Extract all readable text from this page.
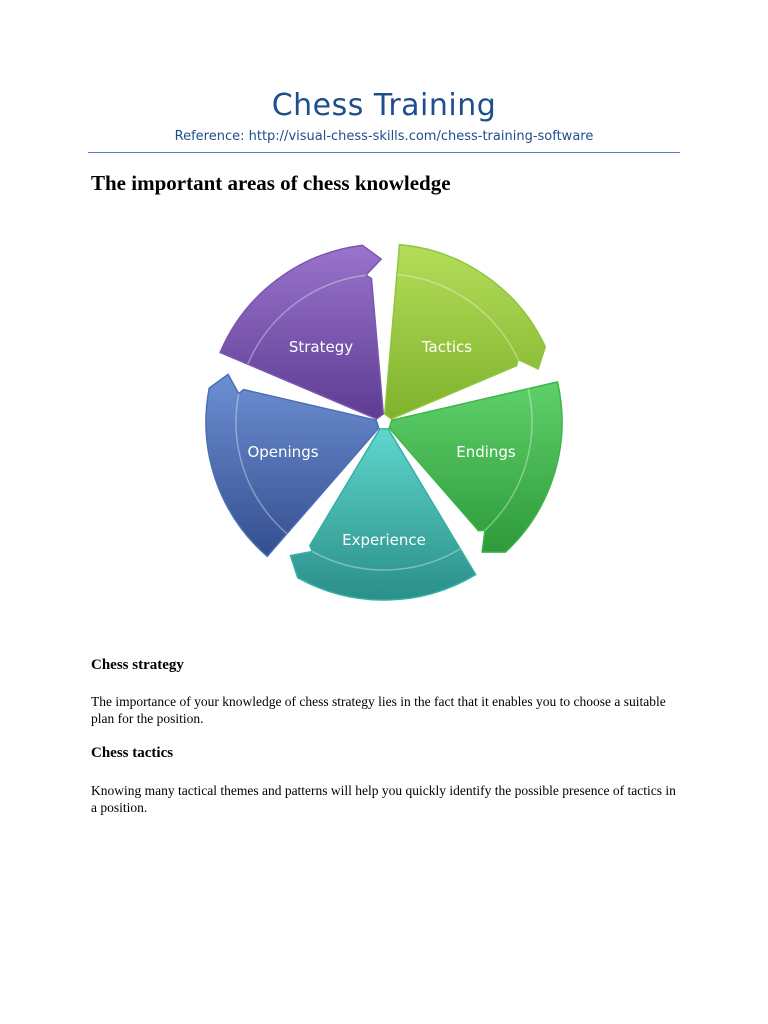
Chess Training
Reference: http://visual-chess-skills.com/chess-training-software
The important areas of chess knowledge
Tactics
Endings
Experience
Openings
Strategy
Chess strategy

The importance of your knowledge of chess strategy lies in the fact that it enables you to choose a suitable plan for the position.

Chess tactics

Knowing many tactical themes and patterns will help you quickly identify the possible presence of tactics in a position.
